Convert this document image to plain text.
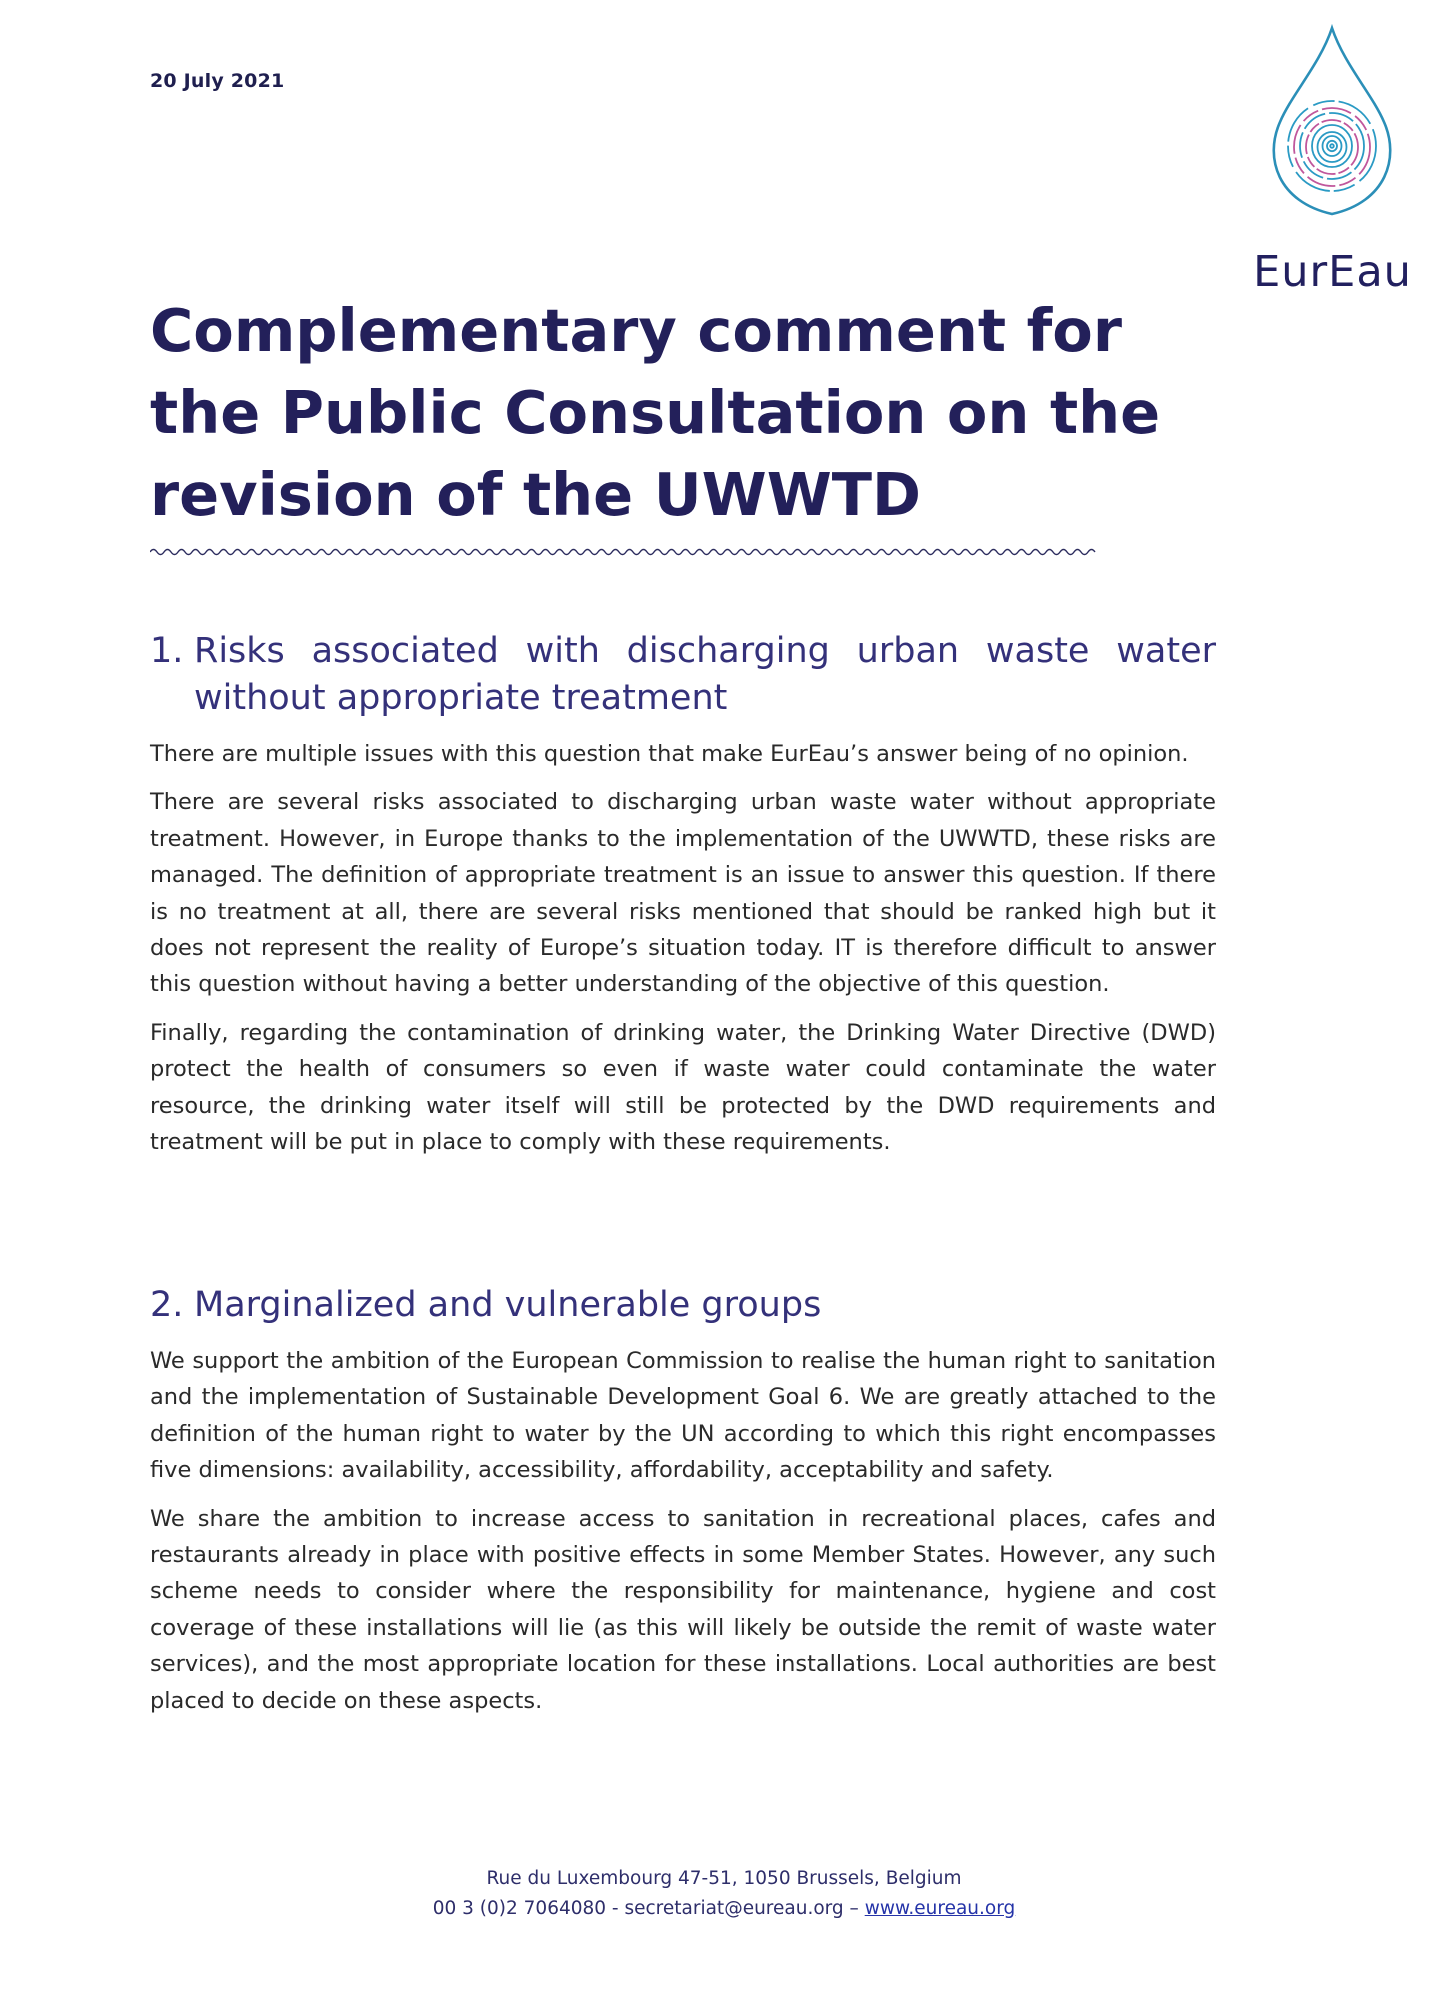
20 July 2021
EurEau
Complementary comment for the Public Consultation on the revision of the UWWTD
1. Risks associated with discharging urban waste water without appropriate treatment

There are multiple issues with this question that make EurEau’s answer being of no opinion.

There are several risks associated to discharging urban waste water without appropriate treatment. However, in Europe thanks to the implementation of the UWWTD, these risks are managed. The definition of appropriate treatment is an issue to answer this question. If there is no treatment at all, there are several risks mentioned that should be ranked high but it does not represent the reality of Europe’s situation today. IT is therefore difficult to answer this question without having a better understanding of the objective of this question.

Finally, regarding the contamination of drinking water, the Drinking Water Directive (DWD) protect the health of consumers so even if waste water could contaminate the water resource, the drinking water itself will still be protected by the DWD requirements and treatment will be put in place to comply with these requirements.

2. Marginalized and vulnerable groups

We support the ambition of the European Commission to realise the human right to sanitation and the implementation of Sustainable Development Goal 6. We are greatly attached to the definition of the human right to water by the UN according to which this right encompasses five dimensions: availability, accessibility, affordability, acceptability and safety.

We share the ambition to increase access to sanitation in recreational places, cafes and restaurants already in place with positive effects in some Member States. However, any such scheme needs to consider where the responsibility for maintenance, hygiene and cost coverage of these installations will lie (as this will likely be outside the remit of waste water services), and the most appropriate location for these installations. Local authorities are best placed to decide on these aspects.

Rue du Luxembourg 47-51, 1050 Brussels, Belgium
00 3 (0)2 7064080 - secretariat@eureau.org – www.eureau.org
